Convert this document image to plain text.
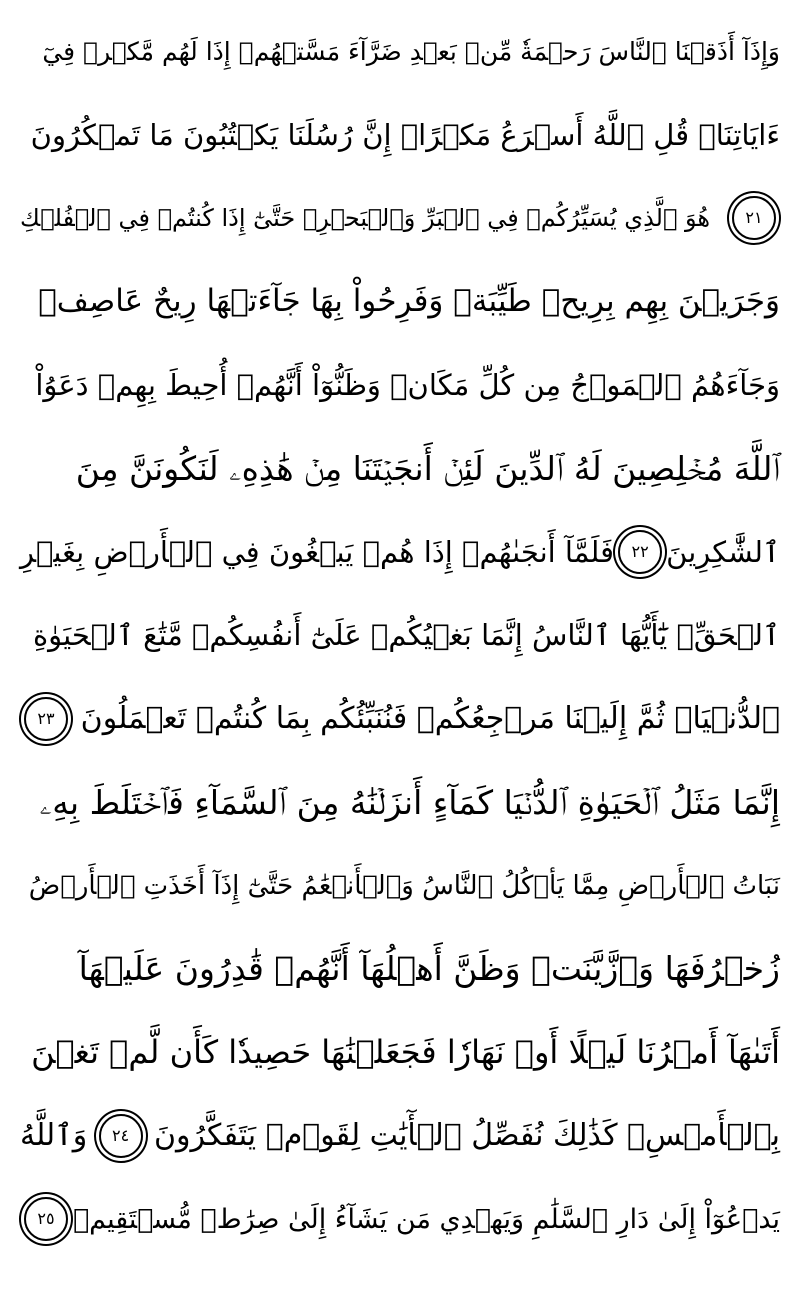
وَإِذَآ أَذَقۡنَا ٱلنَّاسَ رَحۡمَةٗ مِّنۢ بَعۡدِ ضَرَّآءَ مَسَّتۡهُمۡ إِذَا لَهُم مَّكۡرٞ فِيٓ
ءَايَاتِنَاۚ قُلِ ٱللَّهُ أَسۡرَعُ مَكۡرًاۚ إِنَّ رُسُلَنَا يَكۡتُبُونَ مَا تَمۡكُرُونَ
٢١
هُوَ ٱلَّذِي يُسَيِّرُكُمۡ فِي ٱلۡبَرِّ وَٱلۡبَحۡرِۖ حَتَّىٰٓ إِذَا كُنتُمۡ فِي ٱلۡفُلۡكِ
وَجَرَيۡنَ بِهِم بِرِيحٖ طَيِّبَةٖ وَفَرِحُواْ بِهَا جَآءَتۡهَا رِيحٌ عَاصِفٞ
وَجَآءَهُمُ ٱلۡمَوۡجُ مِن كُلِّ مَكَانٖ وَظَنُّوٓاْ أَنَّهُمۡ أُحِيطَ بِهِمۡ دَعَوُاْ
ٱللَّهَ مُخۡلِصِينَ لَهُ ٱلدِّينَ لَئِنۡ أَنجَيۡتَنَا مِنۡ هَٰذِهِۦ لَنَكُونَنَّ مِنَ
ٱلشَّٰكِرِينَ
٢٢
فَلَمَّآ أَنجَىٰهُمۡ إِذَا هُمۡ يَبۡغُونَ فِي ٱلۡأَرۡضِ بِغَيۡرِ
ٱلۡحَقِّۗ يَٰٓأَيُّهَا ٱلنَّاسُ إِنَّمَا بَغۡيُكُمۡ عَلَىٰٓ أَنفُسِكُمۖ مَّتَٰعَ ٱلۡحَيَوٰةِ
ٱلدُّنۡيَاۖ ثُمَّ إِلَيۡنَا مَرۡجِعُكُمۡ فَنُنَبِّئُكُم بِمَا كُنتُمۡ تَعۡمَلُونَ
٢٣
إِنَّمَا مَثَلُ ٱلۡحَيَوٰةِ ٱلدُّنۡيَا كَمَآءٍ أَنزَلۡنَٰهُ مِنَ ٱلسَّمَآءِ فَٱخۡتَلَطَ بِهِۦ
نَبَاتُ ٱلۡأَرۡضِ مِمَّا يَأۡكُلُ ٱلنَّاسُ وَٱلۡأَنۡعَٰمُ حَتَّىٰٓ إِذَآ أَخَذَتِ ٱلۡأَرۡضُ
زُخۡرُفَهَا وَٱزَّيَّنَتۡ وَظَنَّ أَهۡلُهَآ أَنَّهُمۡ قَٰدِرُونَ عَلَيۡهَآ
أَتَىٰهَآ أَمۡرُنَا لَيۡلًا أَوۡ نَهَارٗا فَجَعَلۡنَٰهَا حَصِيدٗا كَأَن لَّمۡ تَغۡنَ
بِٱلۡأَمۡسِۚ كَذَٰلِكَ نُفَصِّلُ ٱلۡأٓيَٰتِ لِقَوۡمٖ يَتَفَكَّرُونَ
٢٤
وَٱللَّهُ
يَدۡعُوٓاْ إِلَىٰ دَارِ ٱلسَّلَٰمِ وَيَهۡدِي مَن يَشَآءُ إِلَىٰ صِرَٰطٖ مُّسۡتَقِيمٖ
٢٥
